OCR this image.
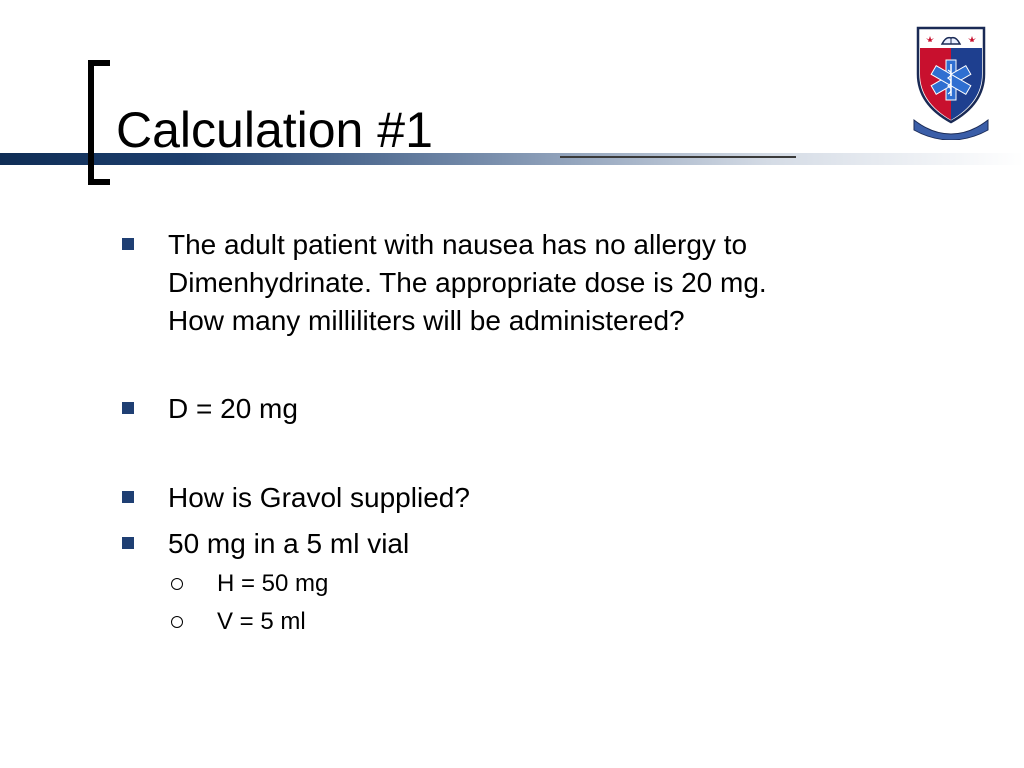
Calculation #1
The adult patient with nausea has no allergy to
Dimenhydrinate. The appropriate dose is 20 mg.
How many milliliters will be administered?
D = 20 mg
How is Gravol supplied?
50 mg in a 5 ml vial
H = 50 mg
V = 5 ml
